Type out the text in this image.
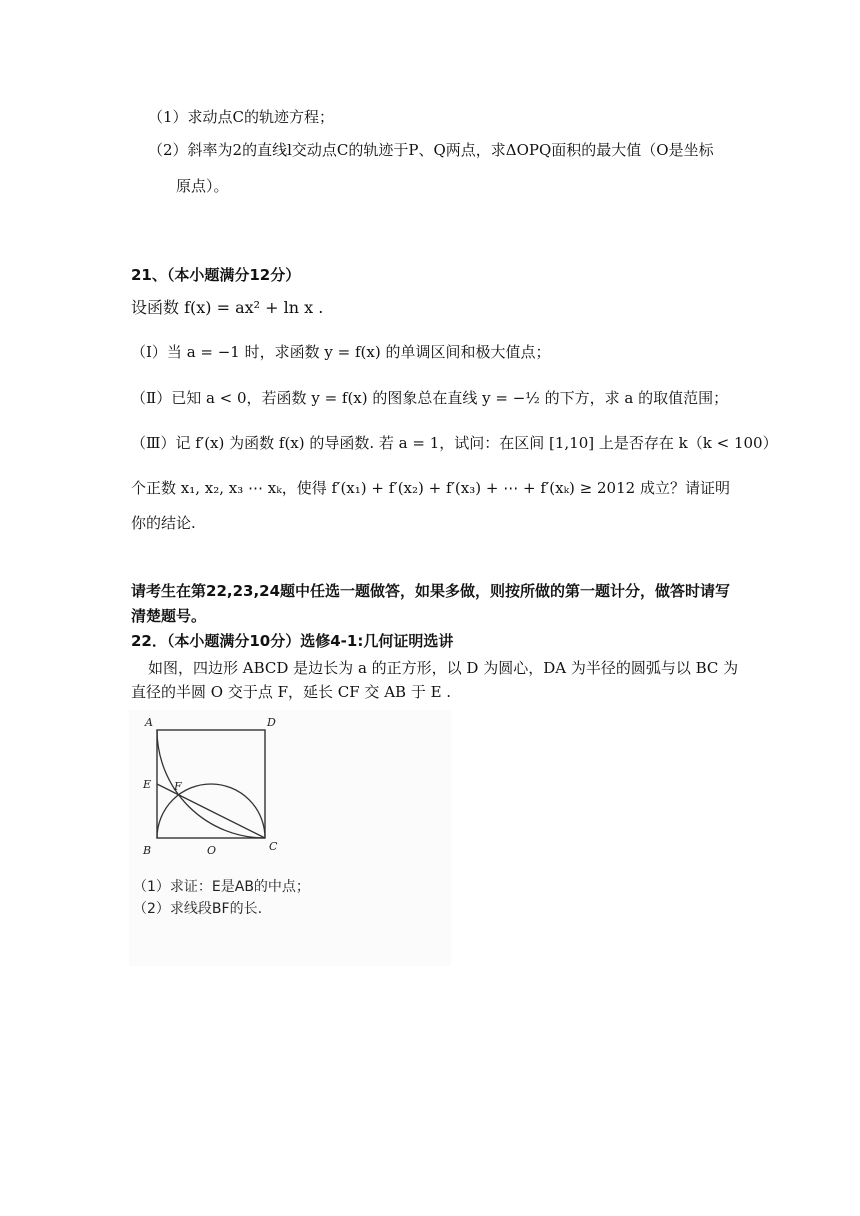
（1）求动点C的轨迹方程；
（2）斜率为2的直线l交动点C的轨迹于P、Q两点，求ΔOPQ面积的最大值（O是坐标
原点）。
21、（本小题满分12分）
设函数 f(x) = ax² + ln x .
（Ⅰ）当 a = −1 时，求函数 y = f(x) 的单调区间和极大值点；
（Ⅱ）已知 a < 0，若函数 y = f(x) 的图象总在直线 y = −½ 的下方，求 a 的取值范围；
（Ⅲ）记 f′(x) 为函数 f(x) 的导函数. 若 a = 1，试问：在区间 [1,10] 上是否存在 k（k < 100）
个正数 x₁, x₂, x₃ ⋯ xₖ，使得 f′(x₁) + f′(x₂) + f′(x₃) + ⋯ + f′(xₖ) ≥ 2012 成立？请证明
你的结论.
请考生在第22,23,24题中任选一题做答，如果多做，则按所做的第一题计分，做答时请写
清楚题号。
22．（本小题满分10分）选修4-1:几何证明选讲
如图，四边形 ABCD 是边长为 a 的正方形，以 D 为圆心，DA 为半径的圆弧与以 BC 为
直径的半圆 O 交于点 F，延长 CF 交 AB 于 E .
A	D
E F
B	O	C
（1）求证：E是AB的中点；
（2）求线段BF的长.
